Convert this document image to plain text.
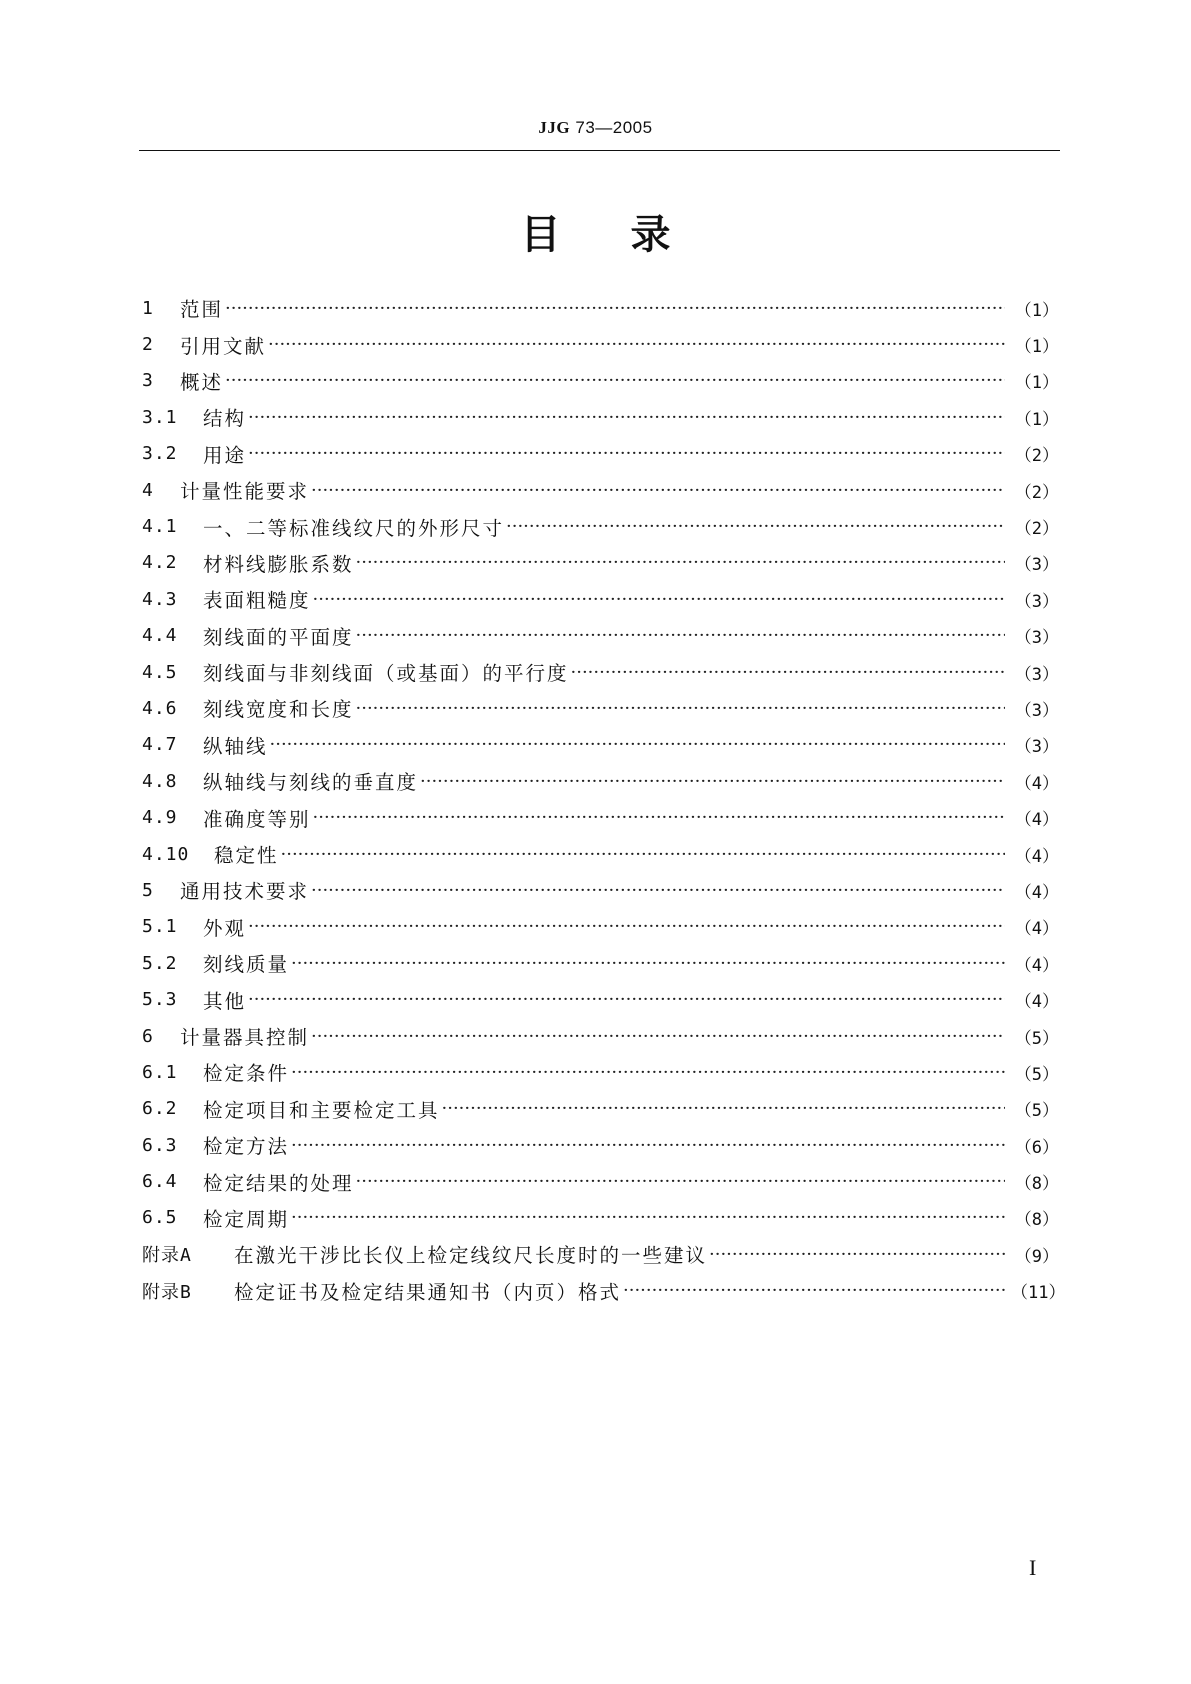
JJG 73—2005
目录
1	范围 ·····	（1）
2	引用文献 ·····	（1）
3	概述 ·····	（1）
3.1	结构 ·····	（1）
3.2	用途 ·····	（2）
4	计量性能要求 ·····	（2）
4.1	一、二等标准线纹尺的外形尺寸 ·····	（2）
4.2	材料线膨胀系数 ·····	（3）
4.3	表面粗糙度 ·····	（3）
4.4	刻线面的平面度 ·····	（3）
4.5	刻线面与非刻线面（或基面）的平行度 ·····	（3）
4.6	刻线宽度和长度 ·····	（3）
4.7	纵轴线 ·····	（3）
4.8	纵轴线与刻线的垂直度 ·····	（4）
4.9	准确度等别 ·····	（4）
4.10	稳定性 ·····	（4）
5	通用技术要求 ·····	（4）
5.1	外观 ·····	（4）
5.2	刻线质量 ·····	（4）
5.3	其他 ·····	（4）
6	计量器具控制 ·····	（5）
6.1	检定条件 ·····	（5）
6.2	检定项目和主要检定工具 ·····	（5）
6.3	检定方法 ·····	（6）
6.4	检定结果的处理 ·····	（8）
6.5	检定周期 ·····	（8）
附录A	在激光干涉比长仪上检定线纹尺长度时的一些建议 ·····	（9）
附录B	检定证书及检定结果通知书（内页）格式 ·····	（11）
I
